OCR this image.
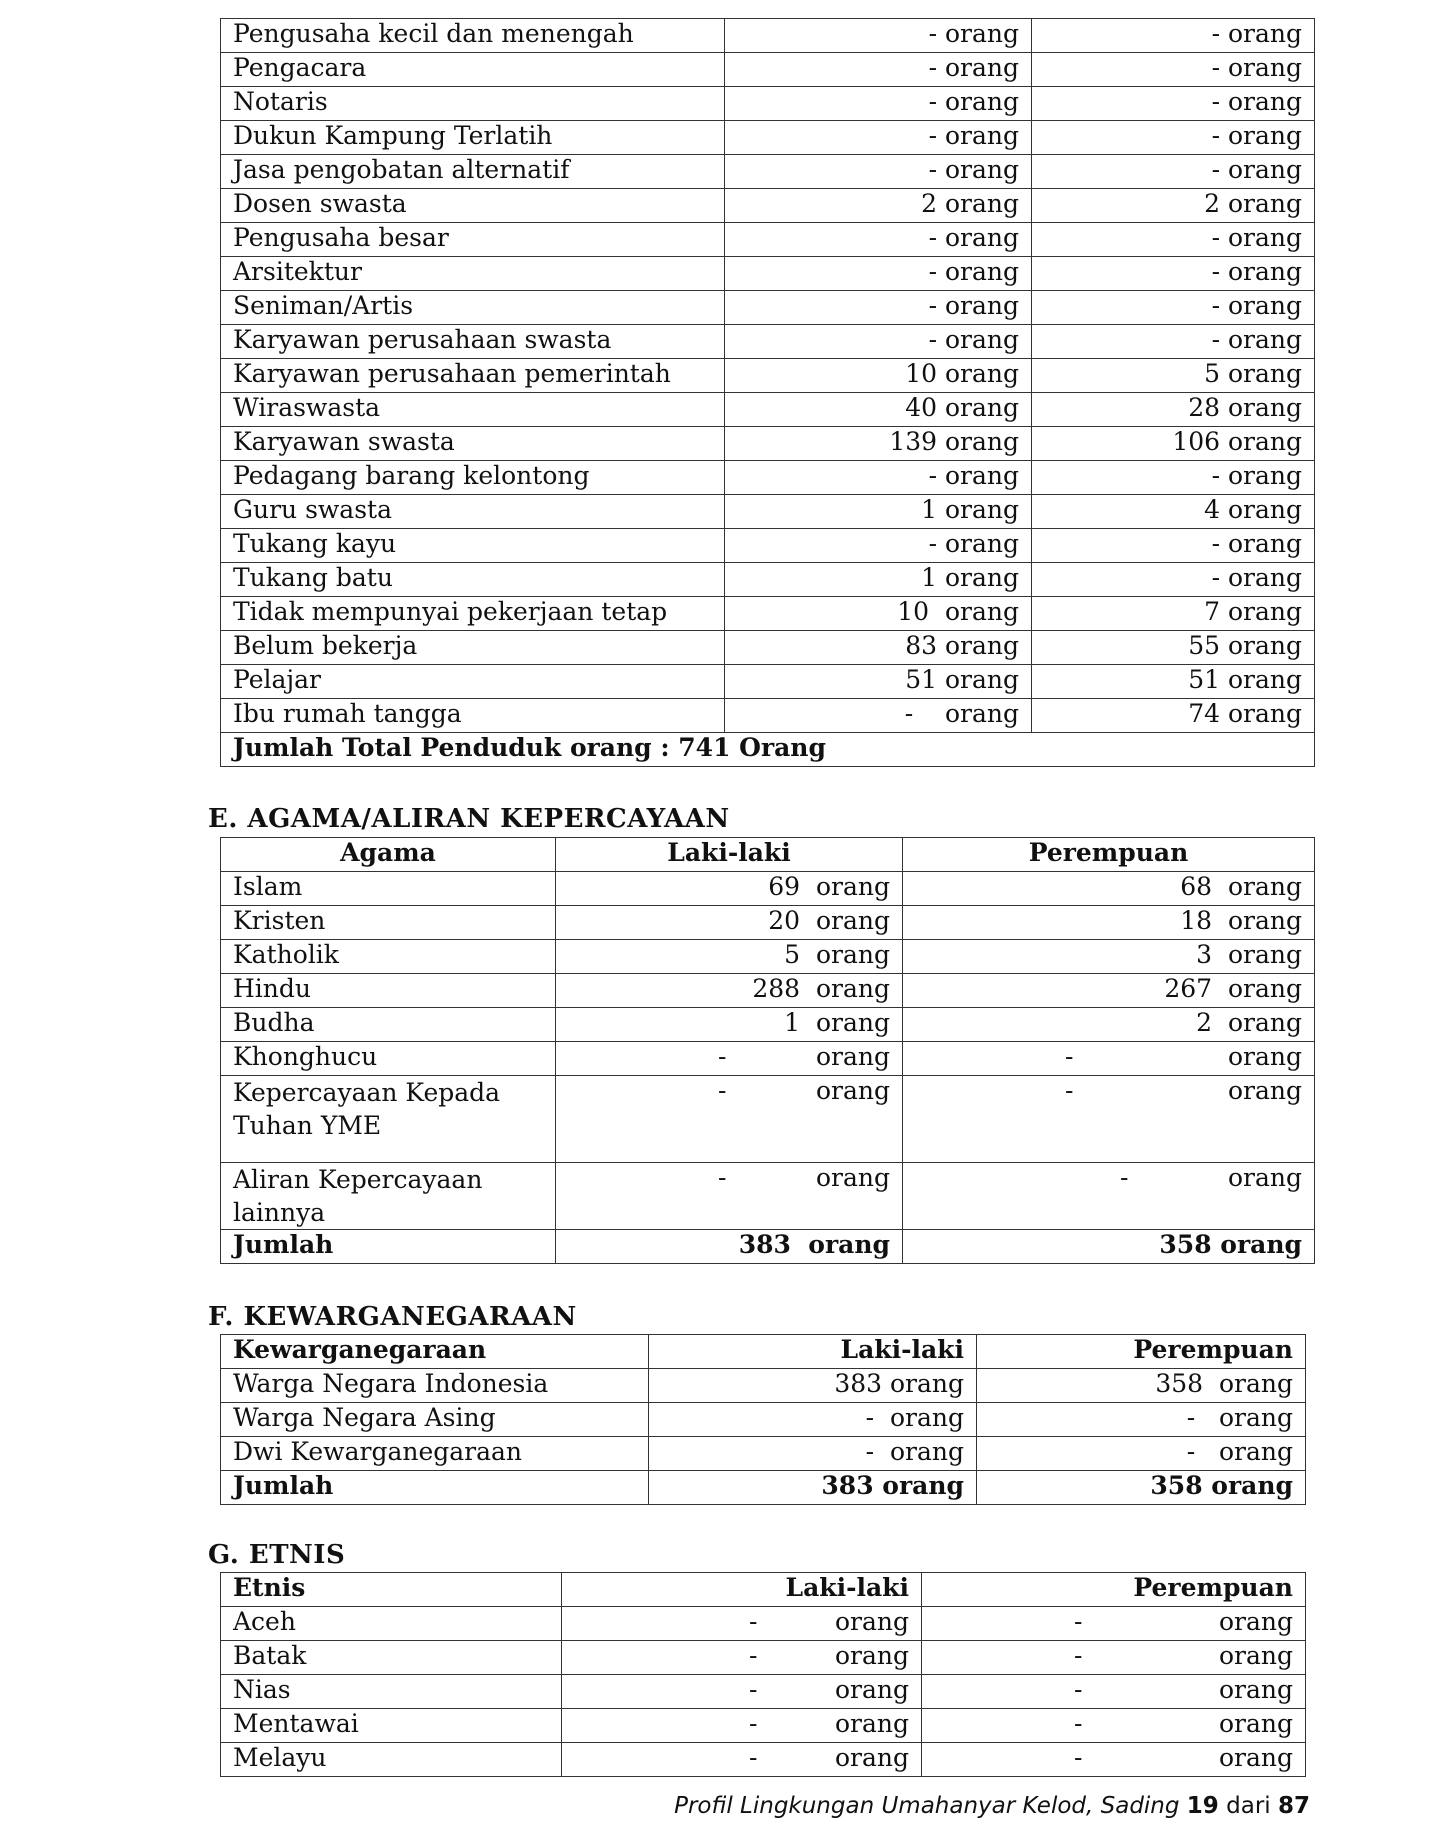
Pengusaha kecil dan menengah	- orang	- orang
Pengacara	- orang	- orang
Notaris	- orang	- orang
Dukun Kampung Terlatih	- orang	- orang
Jasa pengobatan alternatif	- orang	- orang
Dosen swasta	2 orang	2 orang
Pengusaha besar	- orang	- orang
Arsitektur	- orang	- orang
Seniman/Artis	- orang	- orang
Karyawan perusahaan swasta	- orang	- orang
Karyawan perusahaan pemerintah	10 orang	5 orang
Wiraswasta	40 orang	28 orang
Karyawan swasta	139 orang	106 orang
Pedagang barang kelontong	- orang	- orang
Guru swasta	1 orang	4 orang
Tukang kayu	- orang	- orang
Tukang batu	1 orang	- orang
Tidak mempunyai pekerjaan tetap	10  orang	7 orang
Belum bekerja	83 orang	55 orang
Pelajar	51 orang	51 orang
Ibu rumah tangga	-    orang	74 orang
Jumlah Total Penduduk orang : 741 Orang		
E. AGAMA/ALIRAN KEPERCAYAAN
Agama	Laki-laki	Perempuan
Islam	69 orang	68 orang
Kristen	20 orang	18 orang
Katholik	5 orang	3 orang
Hindu	288 orang	267 orang
Budha	1 orang	2 orang
Khonghucu	- orang	- orang

Kepercayaan Kepada Tuhan YME	- orang	- orang

Aliran Kepercayaan lainnya	- orang	- orang

Jumlah	383  orang	358 orang
F. KEWARGANEGARAAN
Kewarganegaraan	Laki-laki	Perempuan
Warga Negara Indonesia	383 orang	358  orang
Warga Negara Asing	-  orang	-   orang
Dwi Kewarganegaraan	-  orang	-   orang
Jumlah	383 orang	358 orang
G. ETNIS
Etnis	Laki-laki	Perempuan
Aceh	- orang	- orang

Batak	- orang	- orang

Nias	- orang	- orang

Mentawai	- orang	- orang

Melayu	- orang	- orang
Profil Lingkungan Umahanyar Kelod, Sading 19 dari 87
